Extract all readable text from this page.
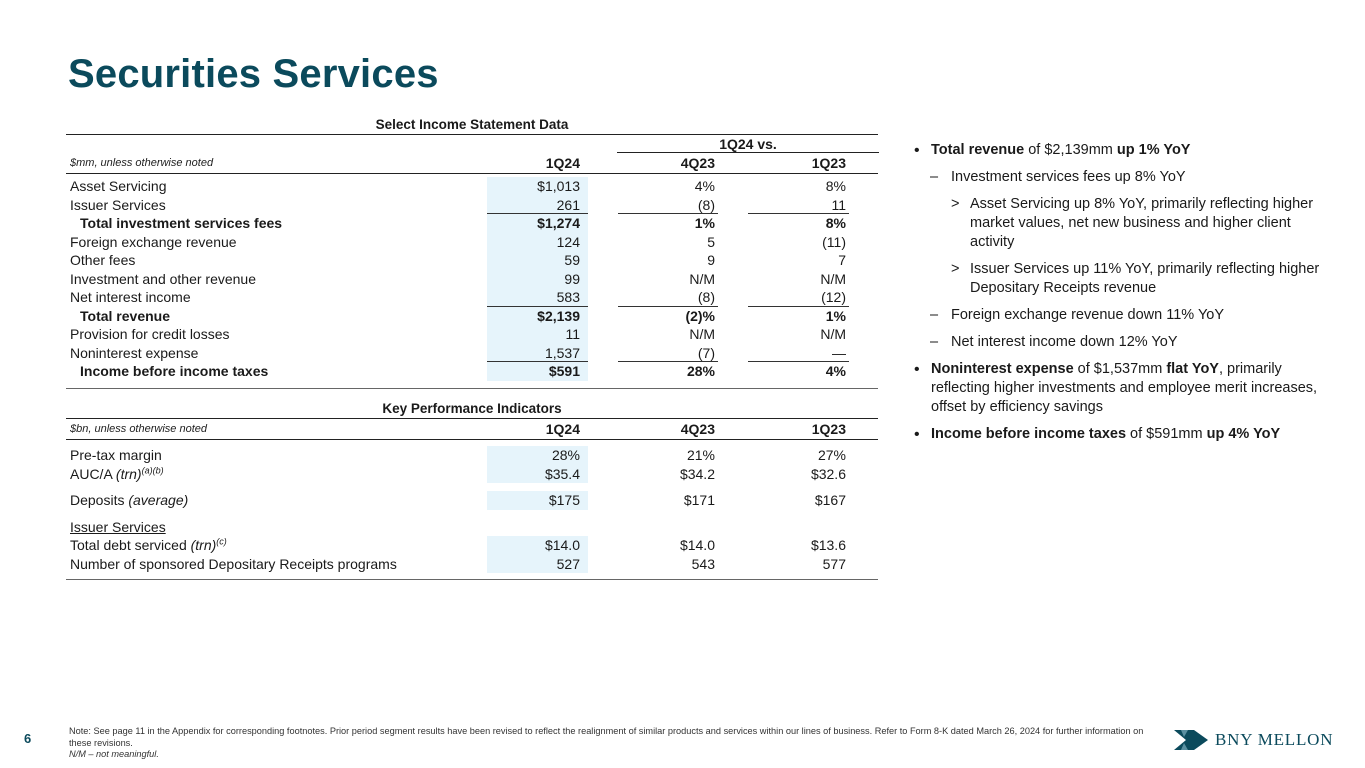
Securities Services
Select Income Statement Data
1Q24 vs.
$mm, unless otherwise noted	1Q24	4Q23	1Q23
Asset Servicing	$1,013	4%	8%
Issuer Services	261	(8)	11
Total investment services fees	$1,274	1%	8%
Foreign exchange revenue	124	5	(11)
Other fees	59	9	7
Investment and other revenue	99	N/M	N/M
Net interest income	583	(8)	(12)
Total revenue	$2,139	(2)%	1%
Provision for credit losses	11	N/M	N/M
Noninterest expense	1,537	(7)	—
Income before income taxes	$591	28%	4%
Key Performance Indicators
$bn, unless otherwise noted	1Q24	4Q23	1Q23
Pre-tax margin	28%	21%	27%
AUC/A (trn)$^{(a)(b)}$	$35.4	$34.2	$32.6
Deposits (average)	$175	$171	$167
Issuer Services
Total debt serviced (trn)$^{(c)}$	$14.0	$14.0	$13.6
Number of sponsored Depositary Receipts programs	527	543	577
• Total revenue of $2,139mm up 1% YoY
– Investment services fees up 8% YoY
> Asset Servicing up 8% YoY, primarily reflecting higher market values, net new business and higher client activity
> Issuer Services up 11% YoY, primarily reflecting higher Depositary Receipts revenue
– Foreign exchange revenue down 11% YoY
– Net interest income down 12% YoY
• Noninterest expense of $1,537mm flat YoY, primarily reflecting higher investments and employee merit increases, offset by efficiency savings
• Income before income taxes of $591mm up 4% YoY
6	Note: See page 11 in the Appendix for corresponding footnotes. Prior period segment results have been revised to reflect the realignment of similar products and services within our lines of business. Refer to Form 8-K dated March 26, 2024 for further information on these revisions.
N/M – not meaningful.
BNY MELLON
